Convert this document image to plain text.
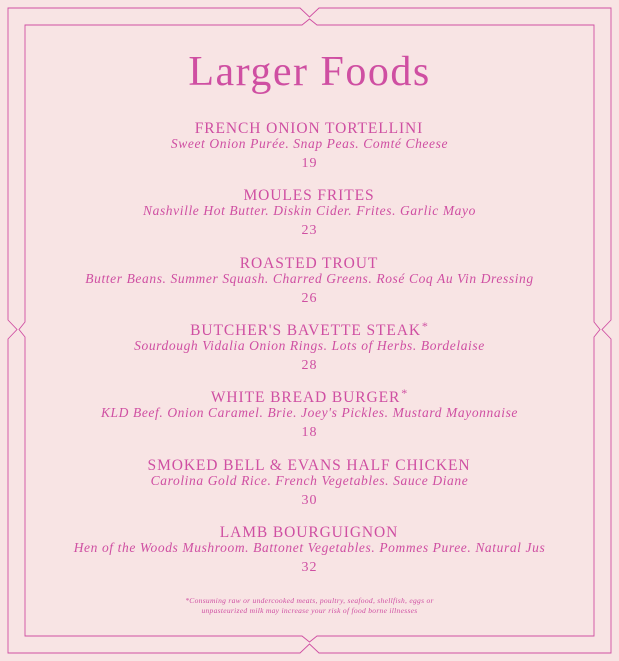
Larger Foods
FRENCH ONION TORTELLINI
Sweet Onion Purée. Snap Peas. Comté Cheese
19
MOULES FRITES
Nashville Hot Butter. Diskin Cider. Frites. Garlic Mayo
23
ROASTED TROUT
Butter Beans. Summer Squash. Charred Greens. Rosé Coq Au Vin Dressing
26
BUTCHER'S BAVETTE STEAK*
Sourdough Vidalia Onion Rings. Lots of Herbs. Bordelaise
28
WHITE BREAD BURGER*
KLD Beef. Onion Caramel. Brie. Joey's Pickles. Mustard Mayonnaise
18
SMOKED BELL & EVANS HALF CHICKEN
Carolina Gold Rice. French Vegetables. Sauce Diane
30
LAMB BOURGUIGNON
Hen of the Woods Mushroom. Battonet Vegetables. Pommes Puree. Natural Jus
32
*Consuming raw or undercooked meats, poultry, seafood, shellfish, eggs or
unpasteurized milk may increase your risk of food borne illnesses
